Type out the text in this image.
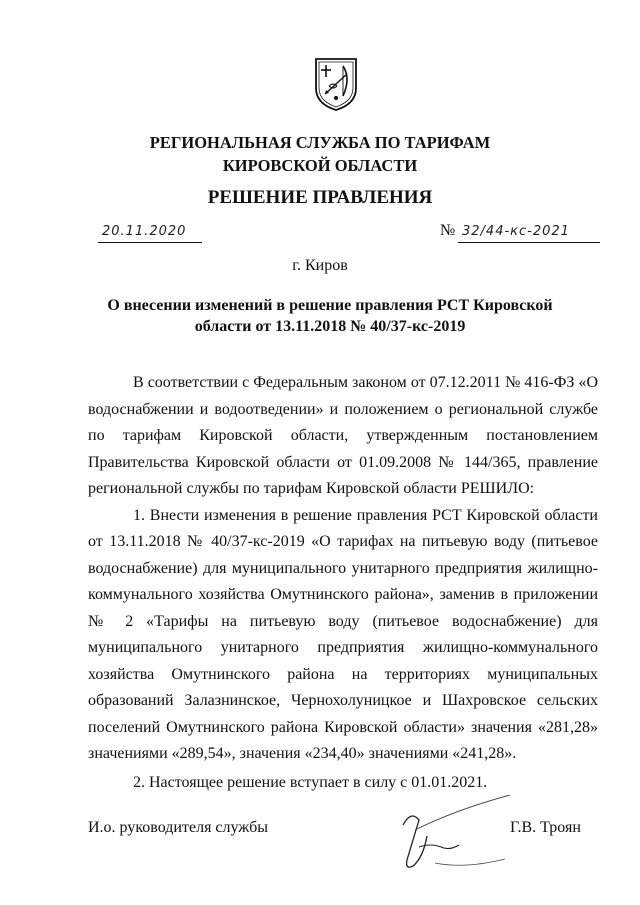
РЕГИОНАЛЬНАЯ СЛУЖБА ПО ТАРИФАМ
КИРОВСКОЙ ОБЛАСТИ
РЕШЕНИЕ ПРАВЛЕНИЯ
20.11.2020	№ 32/44-кс-2021
г. Киров
О внесении изменений в решение правления РСТ Кировской
области от 13.11.2018 № 40/37-кс-2019

В соответствии с Федеральным законом от 07.12.2011 № 416-ФЗ «О водоснабжении и водоотведении» и положением о региональной службе по тарифам Кировской области, утвержденным постановлением Правительства Кировской области от 01.09.2008 № 144/365, правление региональной службы по тарифам Кировской области РЕШИЛО:

1. Внести изменения в решение правления РСТ Кировской области от 13.11.2018 № 40/37-кс-2019 «О тарифах на питьевую воду (питьевое водоснабжение) для муниципального унитарного предприятия жилищно-коммунального хозяйства Омутнинского района», заменив в приложении № 2 «Тарифы на питьевую воду (питьевое водоснабжение) для муниципального унитарного предприятия жилищно-коммунального хозяйства Омутнинского района на территориях муниципальных образований Залазнинское, Чернохолуницкое и Шахровское сельских поселений Омутнинского района Кировской области» значения «281,28» значениями «289,54», значения «234,40» значениями «241,28».

2. Настоящее решение вступает в силу с 01.01.2021.

И.о. руководителя службы	Г.В. Троян
